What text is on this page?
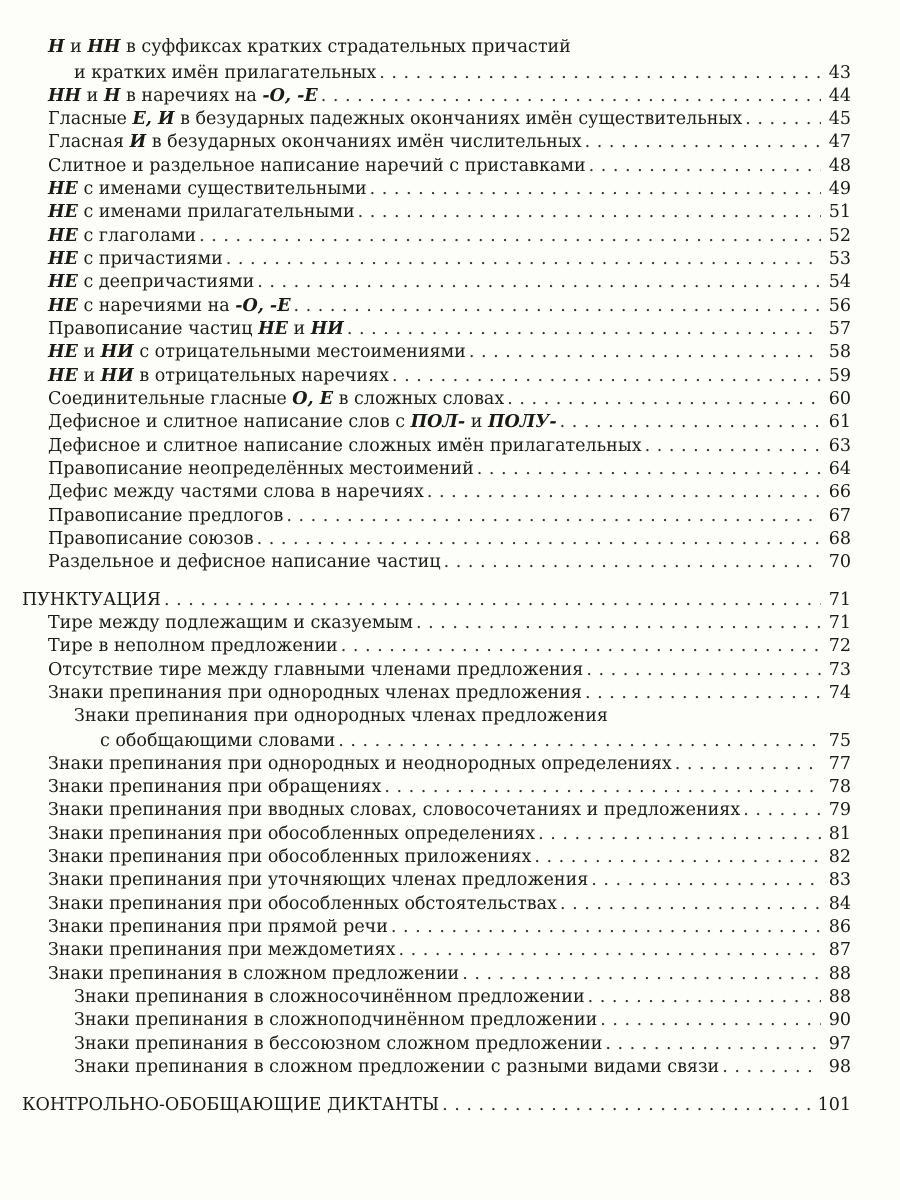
Н и НН в суффиксах кратких страдательных причастий
и кратких имён прилагательных . . .	43
НН и Н в наречиях на -О, -Е . . .	44
Гласные Е, И в безударных падежных окончаниях имён существительных . . .	45
Гласная И в безударных окончаниях имён числительных . . .	47
Слитное и раздельное написание наречий с приставками . . .	48
НЕ с именами существительными . . .	49
НЕ с именами прилагательными . . .	51
НЕ с глаголами . . .	52
НЕ с причастиями . . .	53
НЕ с деепричастиями . . .	54
НЕ с наречиями на -О, -Е . . .	56
Правописание частиц НЕ и НИ . . .	57
НЕ и НИ с отрицательными местоимениями . . .	58
НЕ и НИ в отрицательных наречиях . . .	59
Соединительные гласные О, Е в сложных словах . . .	60
Дефисное и слитное написание слов с ПОЛ- и ПОЛУ- . . .	61
Дефисное и слитное написание сложных имён прилагательных . . .	63
Правописание неопределённых местоимений . . .	64
Дефис между частями слова в наречиях . . .	66
Правописание предлогов . . .	67
Правописание союзов . . .	68
Раздельное и дефисное написание частиц . . .	70
ПУНКТУАЦИЯ . . .	71
Тире между подлежащим и сказуемым . . .	71
Тире в неполном предложении . . .	72
Отсутствие тире между главными членами предложения . . .	73
Знаки препинания при однородных членах предложения . . .	74
Знаки препинания при однородных членах предложения
с обобщающими словами . . .	75
Знаки препинания при однородных и неоднородных определениях . . .	77
Знаки препинания при обращениях . . .	78
Знаки препинания при вводных словах, словосочетаниях и предложениях . . .	79
Знаки препинания при обособленных определениях . . .	81
Знаки препинания при обособленных приложениях . . .	82
Знаки препинания при уточняющих членах предложения . . .	83
Знаки препинания при обособленных обстоятельствах . . .	84
Знаки препинания при прямой речи . . .	86
Знаки препинания при междометиях . . .	87
Знаки препинания в сложном предложении . . .	88
Знаки препинания в сложносочинённом предложении . . .	88
Знаки препинания в сложноподчинённом предложении . . .	90
Знаки препинания в бессоюзном сложном предложении . . .	97
Знаки препинания в сложном предложении с разными видами связи . . .	98
КОНТРОЛЬНО-ОБОБЩАЮЩИЕ ДИКТАНТЫ . . .	101
